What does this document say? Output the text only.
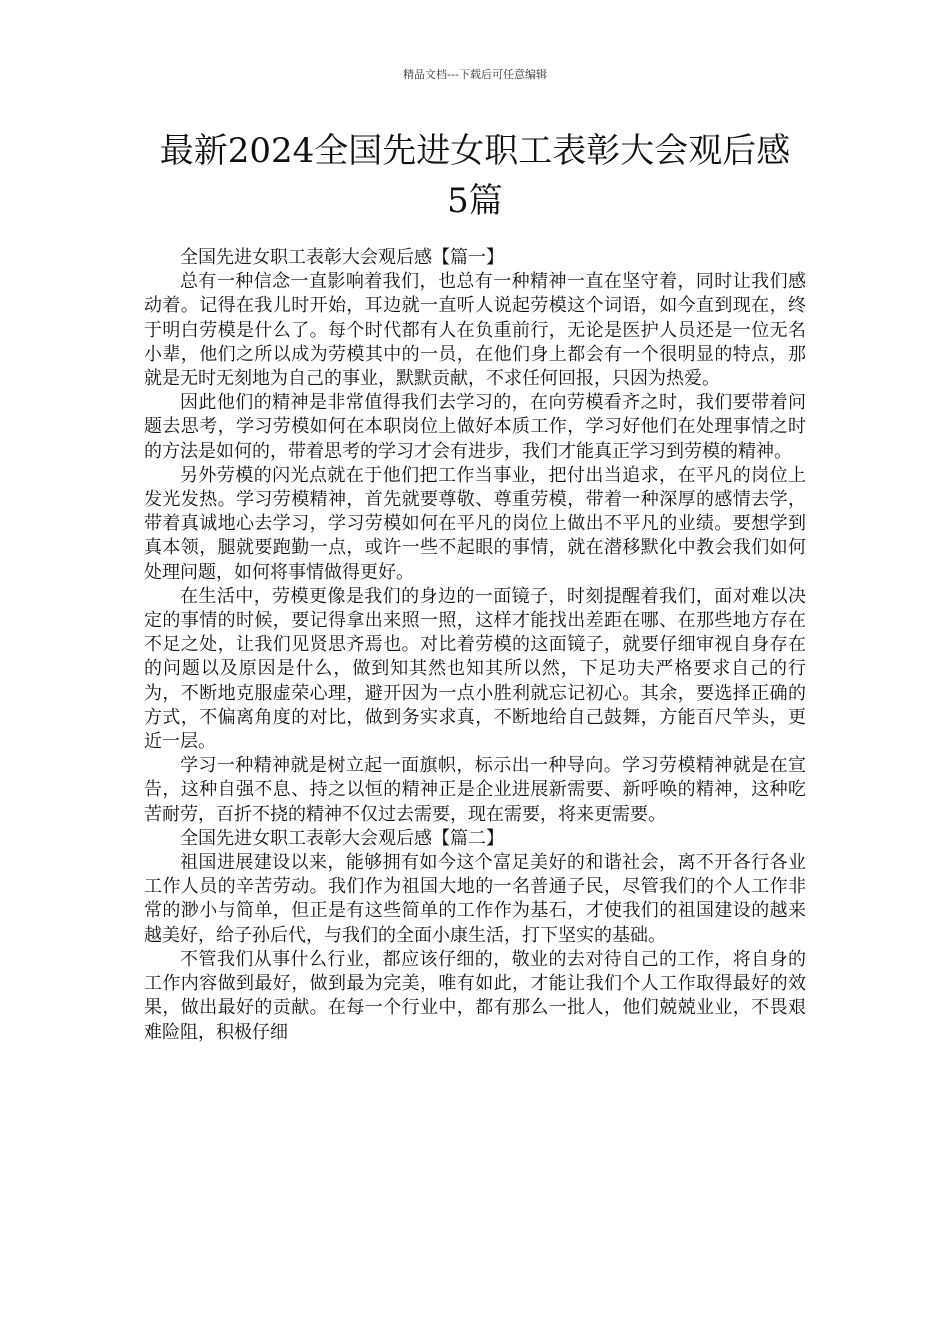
精品文档---下载后可任意编辑
最新2024全国先进女职工表彰大会观后感5篇

全国先进女职工表彰大会观后感【篇一】

总有一种信念一直影响着我们，也总有一种精神一直在坚守着，同时让我们感动着。记得在我儿时开始，耳边就一直听人说起劳模这个词语，如今直到现在，终于明白劳模是什么了。每个时代都有人在负重前行，无论是医护人员还是一位无名小辈，他们之所以成为劳模其中的一员，在他们身上都会有一个很明显的特点，那就是无时无刻地为自己的事业，默默贡献，不求任何回报，只因为热爱。

因此他们的精神是非常值得我们去学习的，在向劳模看齐之时，我们要带着问题去思考，学习劳模如何在本职岗位上做好本质工作，学习好他们在处理事情之时的方法是如何的，带着思考的学习才会有进步，我们才能真正学习到劳模的精神。

另外劳模的闪光点就在于他们把工作当事业，把付出当追求，在平凡的岗位上发光发热。学习劳模精神，首先就要尊敬、尊重劳模，带着一种深厚的感情去学，带着真诚地心去学习，学习劳模如何在平凡的岗位上做出不平凡的业绩。要想学到真本领，腿就要跑勤一点，或许一些不起眼的事情，就在潜移默化中教会我们如何处理问题，如何将事情做得更好。

在生活中，劳模更像是我们的身边的一面镜子，时刻提醒着我们，面对难以决定的事情的时候，要记得拿出来照一照，这样才能找出差距在哪、在那些地方存在不足之处，让我们见贤思齐焉也。对比着劳模的这面镜子，就要仔细审视自身存在的问题以及原因是什么，做到知其然也知其所以然，下足功夫严格要求自己的行为，不断地克服虚荣心理，避开因为一点小胜利就忘记初心。其余，要选择正确的方式，不偏离角度的对比，做到务实求真，不断地给自己鼓舞，方能百尺竿头，更近一层。

学习一种精神就是树立起一面旗帜，标示出一种导向。学习劳模精神就是在宣告，这种自强不息、持之以恒的精神正是企业进展新需要、新呼唤的精神，这种吃苦耐劳，百折不挠的精神不仅过去需要，现在需要，将来更需要。

全国先进女职工表彰大会观后感【篇二】

祖国进展建设以来，能够拥有如今这个富足美好的和谐社会，离不开各行各业工作人员的辛苦劳动。我们作为祖国大地的一名普通子民，尽管我们的个人工作非常的渺小与简单，但正是有这些简单的工作作为基石，才使我们的祖国建设的越来越美好，给子孙后代，与我们的全面小康生活，打下坚实的基础。

不管我们从事什么行业，都应该仔细的，敬业的去对待自己的工作，将自身的工作内容做到最好，做到最为完美，唯有如此，才能让我们个人工作取得最好的效果，做出最好的贡献。在每一个行业中，都有那么一批人，他们兢兢业业，不畏艰难险阻，积极仔细
